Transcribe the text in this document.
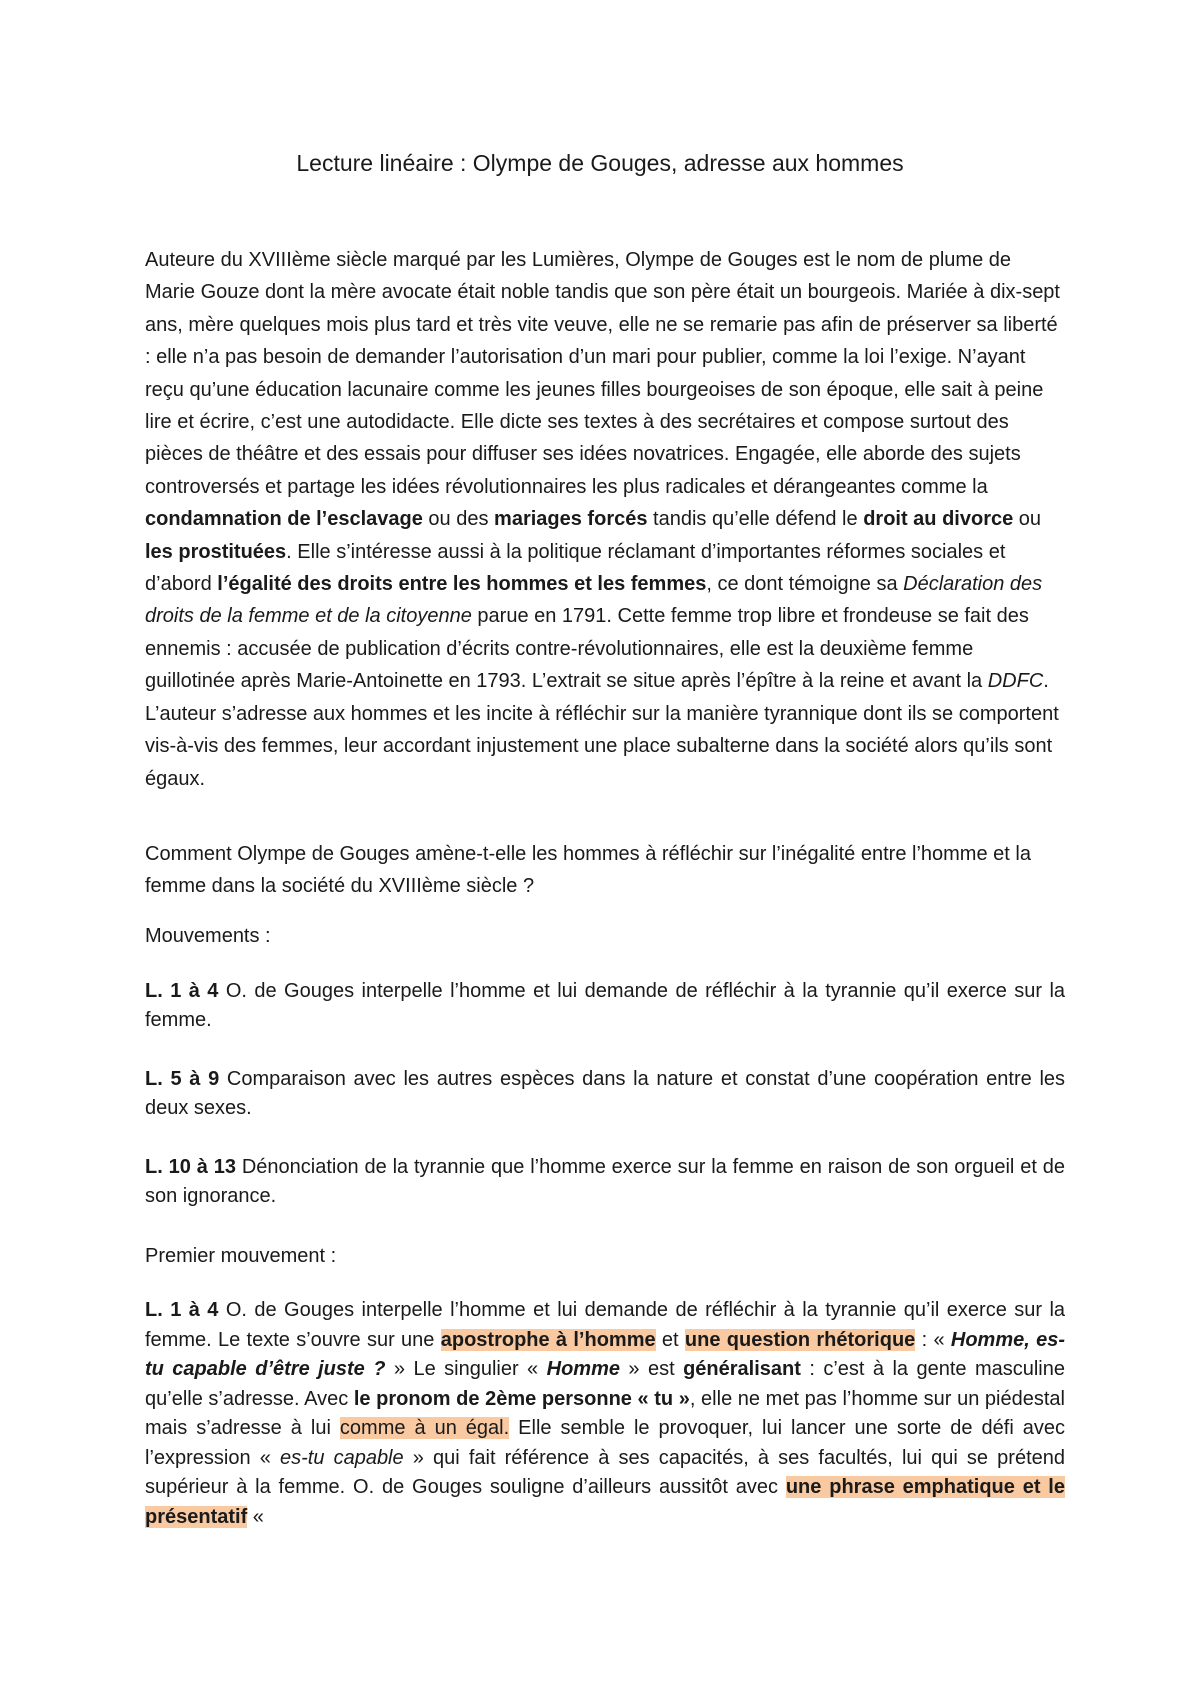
Lecture linéaire : Olympe de Gouges, adresse aux hommes

Auteure du XVIIIème siècle marqué par les Lumières, Olympe de Gouges est le nom de plume de Marie Gouze dont la mère avocate était noble tandis que son père était un bourgeois. Mariée à dix-sept ans, mère quelques mois plus tard et très vite veuve, elle ne se remarie pas afin de préserver sa liberté : elle n’a pas besoin de demander l’autorisation d’un mari pour publier, comme la loi l’exige. N’ayant reçu qu’une éducation lacunaire comme les jeunes filles bourgeoises de son époque, elle sait à peine lire et écrire, c’est une autodidacte. Elle dicte ses textes à des secrétaires et compose surtout des pièces de théâtre et des essais pour diffuser ses idées novatrices. Engagée, elle aborde des sujets controversés et partage les idées révolutionnaires les plus radicales et dérangeantes comme la condamnation de l’esclavage ou des mariages forcés tandis qu’elle défend le droit au divorce ou les prostituées. Elle s’intéresse aussi à la politique réclamant d’importantes réformes sociales et d’abord l’égalité des droits entre les hommes et les femmes, ce dont témoigne sa Déclaration des droits de la femme et de la citoyenne parue en 1791. Cette femme trop libre et frondeuse se fait des ennemis : accusée de publication d’écrits contre-révolutionnaires, elle est la deuxième femme guillotinée après Marie-Antoinette en 1793. L’extrait se situe après l’épître à la reine et avant la DDFC. L’auteur s’adresse aux hommes et les incite à réfléchir sur la manière tyrannique dont ils se comportent vis-à-vis des femmes, leur accordant injustement une place subalterne dans la société alors qu’ils sont égaux.

Comment Olympe de Gouges amène-t-elle les hommes à réfléchir sur l’inégalité entre l’homme et la femme dans la société du XVIIIème siècle ?

Mouvements :

L. 1 à 4 O. de Gouges interpelle l’homme et lui demande de réfléchir à la tyrannie qu’il exerce sur la femme.

L. 5 à 9 Comparaison avec les autres espèces dans la nature et constat d’une coopération entre les deux sexes.

L. 10 à 13 Dénonciation de la tyrannie que l’homme exerce sur la femme en raison de son orgueil et de son ignorance.

Premier mouvement :

L. 1 à 4 O. de Gouges interpelle l’homme et lui demande de réfléchir à la tyrannie qu’il exerce sur la femme. Le texte s’ouvre sur une apostrophe à l’homme et une question rhétorique : « Homme, es-tu capable d’être juste ? » Le singulier « Homme » est généralisant : c’est à la gente masculine qu’elle s’adresse. Avec le pronom de 2ème personne « tu », elle ne met pas l’homme sur un piédestal mais s’adresse à lui comme à un égal. Elle semble le provoquer, lui lancer une sorte de défi avec l’expression « es-tu capable » qui fait référence à ses capacités, à ses facultés, lui qui se prétend supérieur à la femme. O. de Gouges souligne d’ailleurs aussitôt avec une phrase emphatique et le présentatif «
